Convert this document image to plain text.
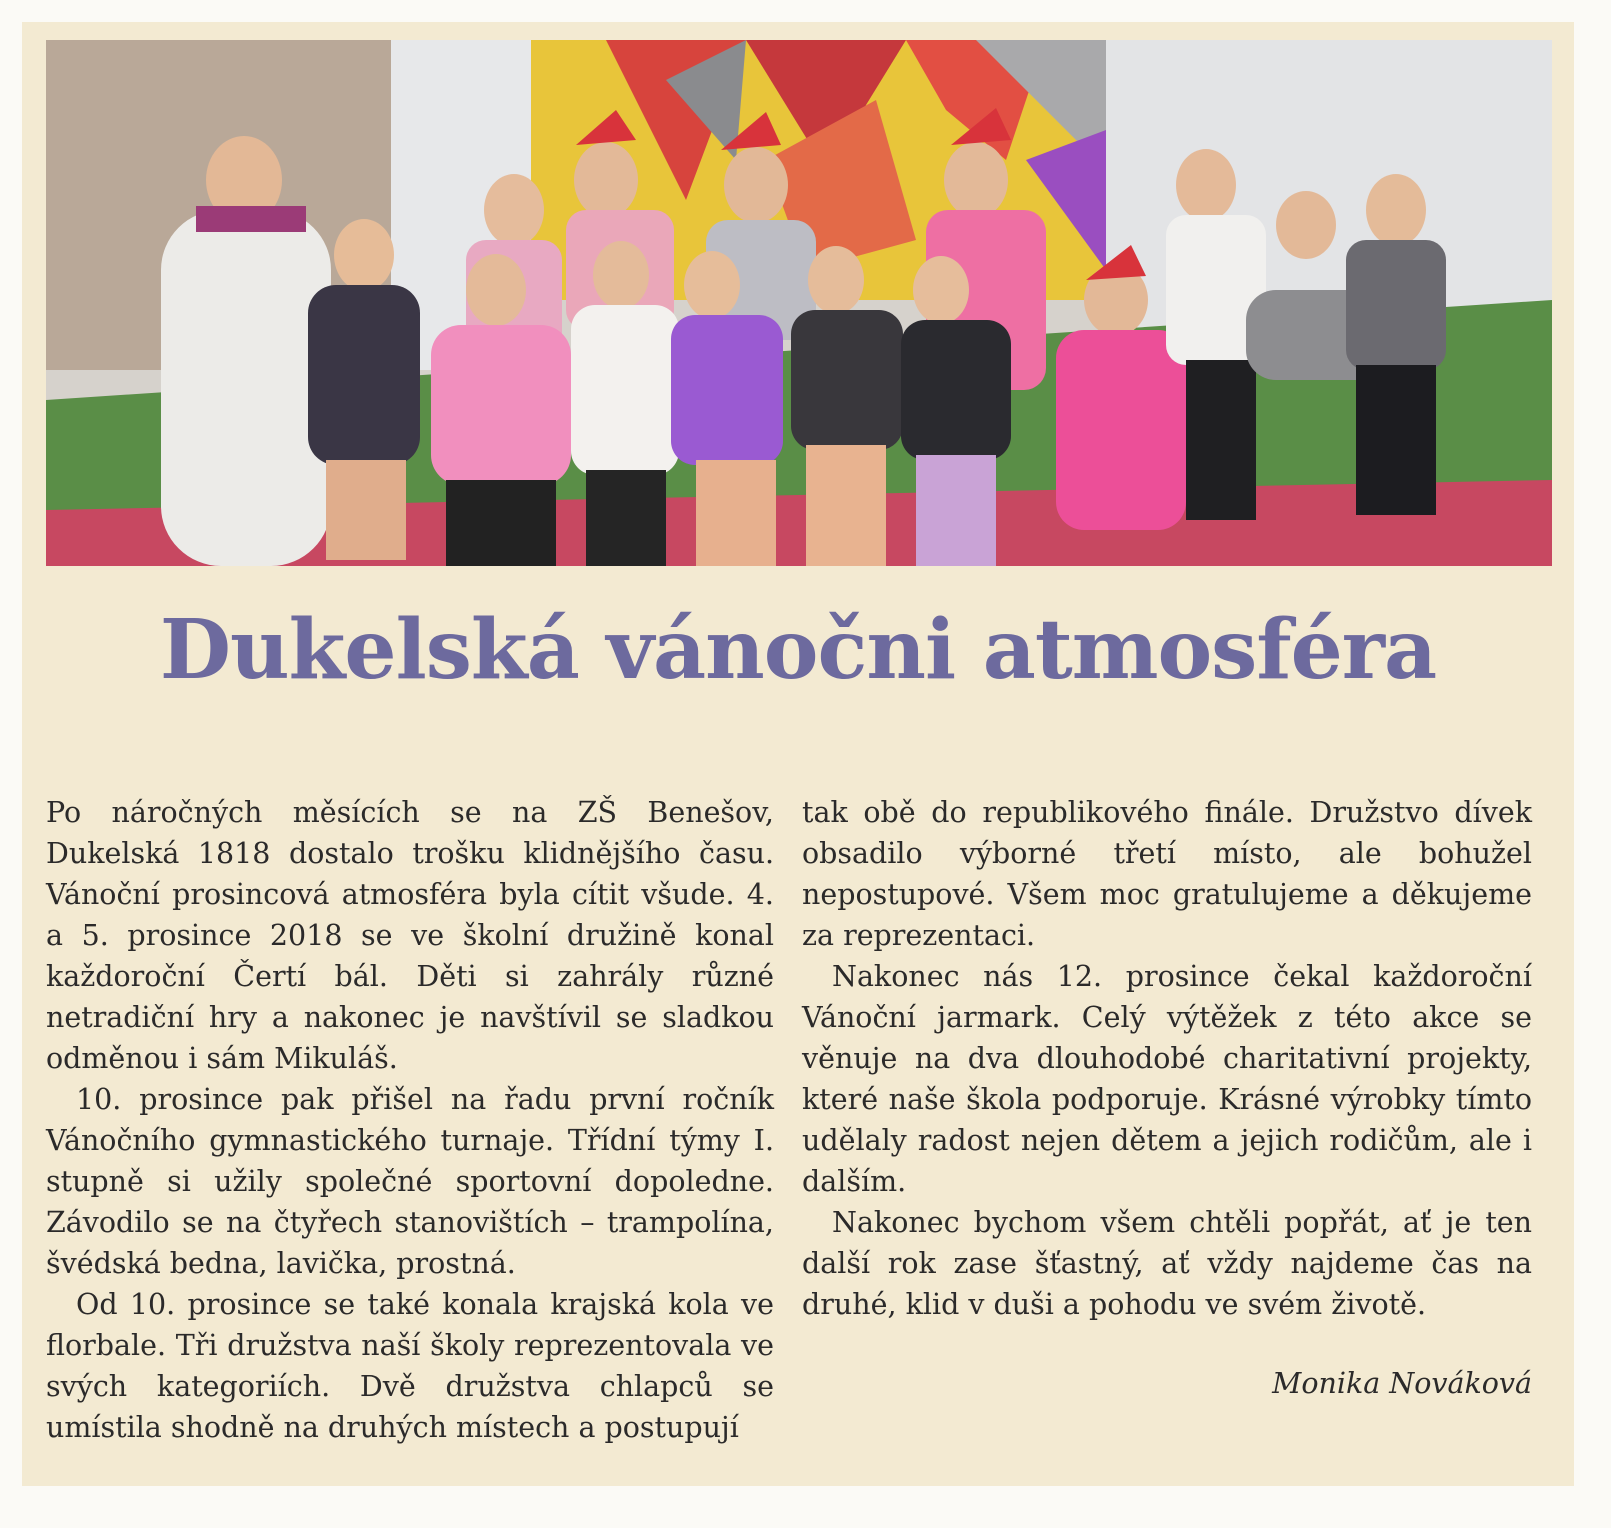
Dukelská vánočni atmosféra

Po náročných měsících se na ZŠ Benešov, Dukelská 1818 dostalo trošku klidnějšího času. Vánoční prosincová atmosféra byla cítit všude. 4. a 5. prosince 2018 se ve školní družině konal každoroční Čertí bál. Děti si zahrály různé netradiční hry a nakonec je navštívil se sladkou odměnou i sám Mikuláš.

10. prosince pak přišel na řadu první ročník Vánočního gymnastického turnaje. Třídní týmy I. stupně si užily společné sportovní dopoledne. Závodilo se na čtyřech stanovištích – trampolína, švédská bedna, lavička, prostná.

Od 10. prosince se také konala krajská kola ve florbale. Tři družstva naší školy reprezentovala ve svých kategoriích. Dvě družstva chlapců se umístila shodně na druhých místech a postupují

tak obě do republikového finále. Družstvo dívek obsadilo výborné třetí místo, ale bohužel nepostupové. Všem moc gratulujeme a děkujeme za reprezentaci.

Nakonec nás 12. prosince čekal každoroční Vánoční jarmark. Celý výtěžek z této akce se věnuje na dva dlouhodobé charitativní projekty, které naše škola podporuje. Krásné výrobky tímto udělaly radost nejen dětem a jejich rodičům, ale i dalším.

Nakonec bychom všem chtěli popřát, ať je ten další rok zase šťastný, ať vždy najdeme čas na druhé, klid v duši a pohodu ve svém životě.

Monika Nováková
